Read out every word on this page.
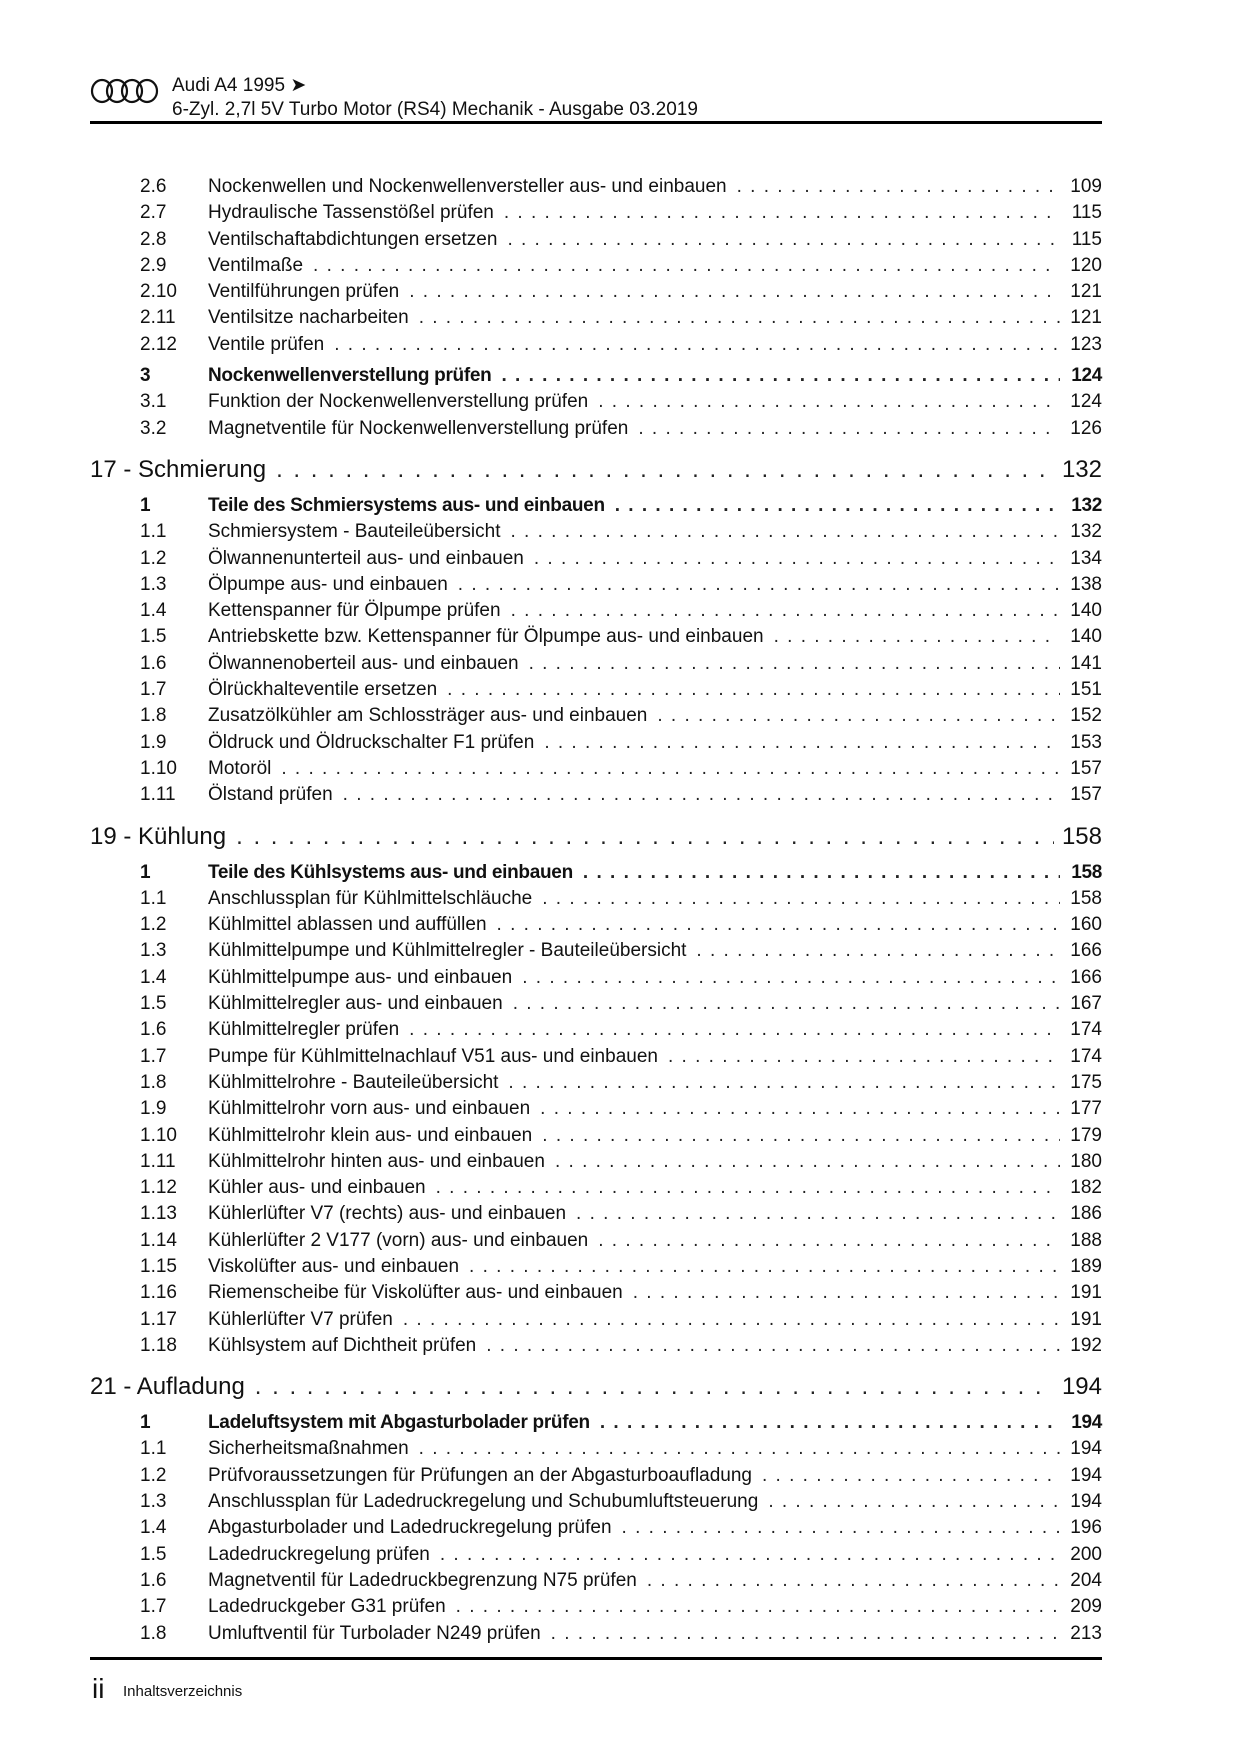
Audi A4 1995 ➤
6-Zyl. 2,7l 5V Turbo Motor (RS4) Mechanik - Ausgabe 03.2019
2.6	Nockenwellen und Nockenwellenversteller aus- und einbauen . . .	109
2.7	Hydraulische Tassenstößel prüfen . . .	115
2.8	Ventilschaftabdichtungen ersetzen . . .	115
2.9	Ventilmaße . . .	120
2.10	Ventilführungen prüfen . . .	121
2.11	Ventilsitze nacharbeiten . . .	121
2.12	Ventile prüfen . . .	123
3	Nockenwellenverstellung prüfen . . .	124
3.1	Funktion der Nockenwellenverstellung prüfen . . .	124
3.2	Magnetventile für Nockenwellenverstellung prüfen . . .	126
17 - Schmierung . . .	132
1	Teile des Schmiersystems aus- und einbauen . . .	132
1.1	Schmiersystem - Bauteileübersicht . . .	132
1.2	Ölwannenunterteil aus- und einbauen . . .	134
1.3	Ölpumpe aus- und einbauen . . .	138
1.4	Kettenspanner für Ölpumpe prüfen . . .	140
1.5	Antriebskette bzw. Kettenspanner für Ölpumpe aus- und einbauen . . .	140
1.6	Ölwannenoberteil aus- und einbauen . . .	141
1.7	Ölrückhalteventile ersetzen . . .	151
1.8	Zusatzölkühler am Schlossträger aus- und einbauen . . .	152
1.9	Öldruck und Öldruckschalter F1 prüfen . . .	153
1.10	Motoröl . . .	157
1.11	Ölstand prüfen . . .	157
19 - Kühlung . . .	158
1	Teile des Kühlsystems aus- und einbauen . . .	158
1.1	Anschlussplan für Kühlmittelschläuche . . .	158
1.2	Kühlmittel ablassen und auffüllen . . .	160
1.3	Kühlmittelpumpe und Kühlmittelregler - Bauteileübersicht . . .	166
1.4	Kühlmittelpumpe aus- und einbauen . . .	166
1.5	Kühlmittelregler aus- und einbauen . . .	167
1.6	Kühlmittelregler prüfen . . .	174
1.7	Pumpe für Kühlmittelnachlauf V51 aus- und einbauen . . .	174
1.8	Kühlmittelrohre - Bauteileübersicht . . .	175
1.9	Kühlmittelrohr vorn aus- und einbauen . . .	177
1.10	Kühlmittelrohr klein aus- und einbauen . . .	179
1.11	Kühlmittelrohr hinten aus- und einbauen . . .	180
1.12	Kühler aus- und einbauen . . .	182
1.13	Kühlerlüfter V7 (rechts) aus- und einbauen . . .	186
1.14	Kühlerlüfter 2 V177 (vorn) aus- und einbauen . . .	188
1.15	Viskolüfter aus- und einbauen . . .	189
1.16	Riemenscheibe für Viskolüfter aus- und einbauen . . .	191
1.17	Kühlerlüfter V7 prüfen . . .	191
1.18	Kühlsystem auf Dichtheit prüfen . . .	192
21 - Aufladung . . .	194
1	Ladeluftsystem mit Abgasturbolader prüfen . . .	194
1.1	Sicherheitsmaßnahmen . . .	194
1.2	Prüfvoraussetzungen für Prüfungen an der Abgasturboaufladung . . .	194
1.3	Anschlussplan für Ladedruckregelung und Schubumluftsteuerung . . .	194
1.4	Abgasturbolader und Ladedruckregelung prüfen . . .	196
1.5	Ladedruckregelung prüfen . . .	200
1.6	Magnetventil für Ladedruckbegrenzung N75 prüfen . . .	204
1.7	Ladedruckgeber G31 prüfen . . .	209
1.8	Umluftventil für Turbolader N249 prüfen . . .	213
ii Inhaltsverzeichnis
